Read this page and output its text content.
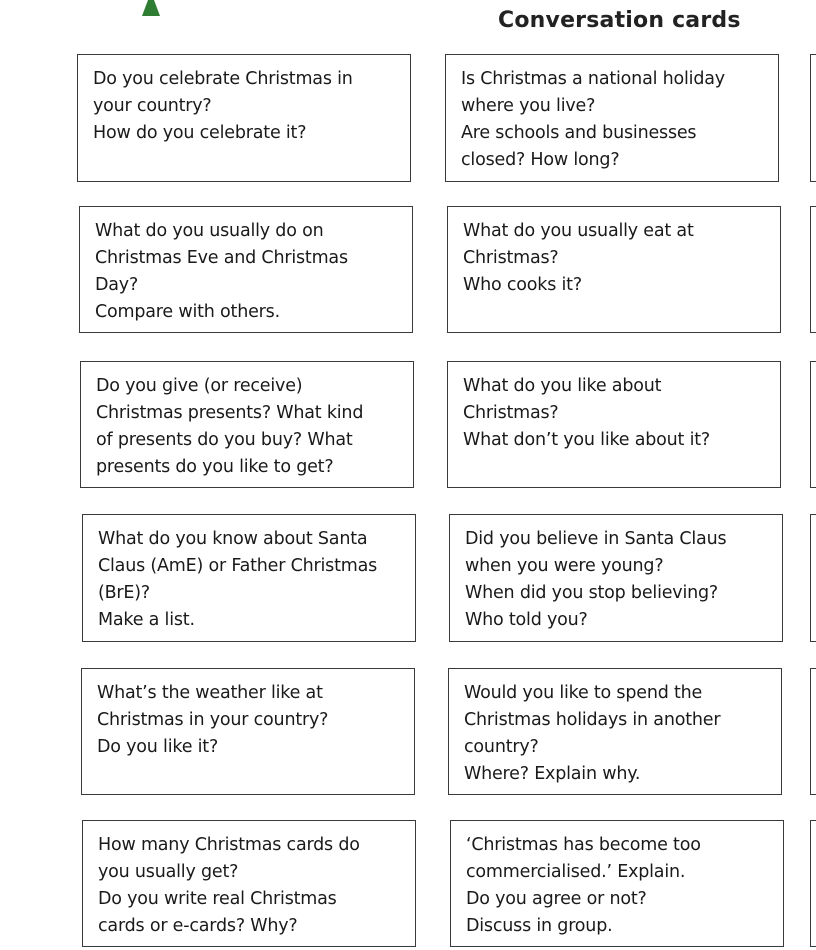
Conversation cards
Do you celebrate Christmas in
your country?
How do you celebrate it?
Is Christmas a national holiday
where you live?
Are schools and businesses
closed? How long?
What do you usually do on
Christmas Eve and Christmas
Day?
Compare with others.
What do you usually eat at
Christmas?
Who cooks it?
Do you give (or receive)
Christmas presents? What kind
of presents do you buy? What
presents do you like to get?
What do you like about
Christmas?
What don’t you like about it?
What do you know about Santa
Claus (AmE) or Father Christmas
(BrE)?
Make a list.
Did you believe in Santa Claus
when you were young?
When did you stop believing?
Who told you?
What’s the weather like at
Christmas in your country?
Do you like it?
Would you like to spend the
Christmas holidays in another
country?
Where? Explain why.
How many Christmas cards do
you usually get?
Do you write real Christmas
cards or e-cards? Why?
‘Christmas has become too
commercialised.’ Explain.
Do you agree or not?
Discuss in group.
